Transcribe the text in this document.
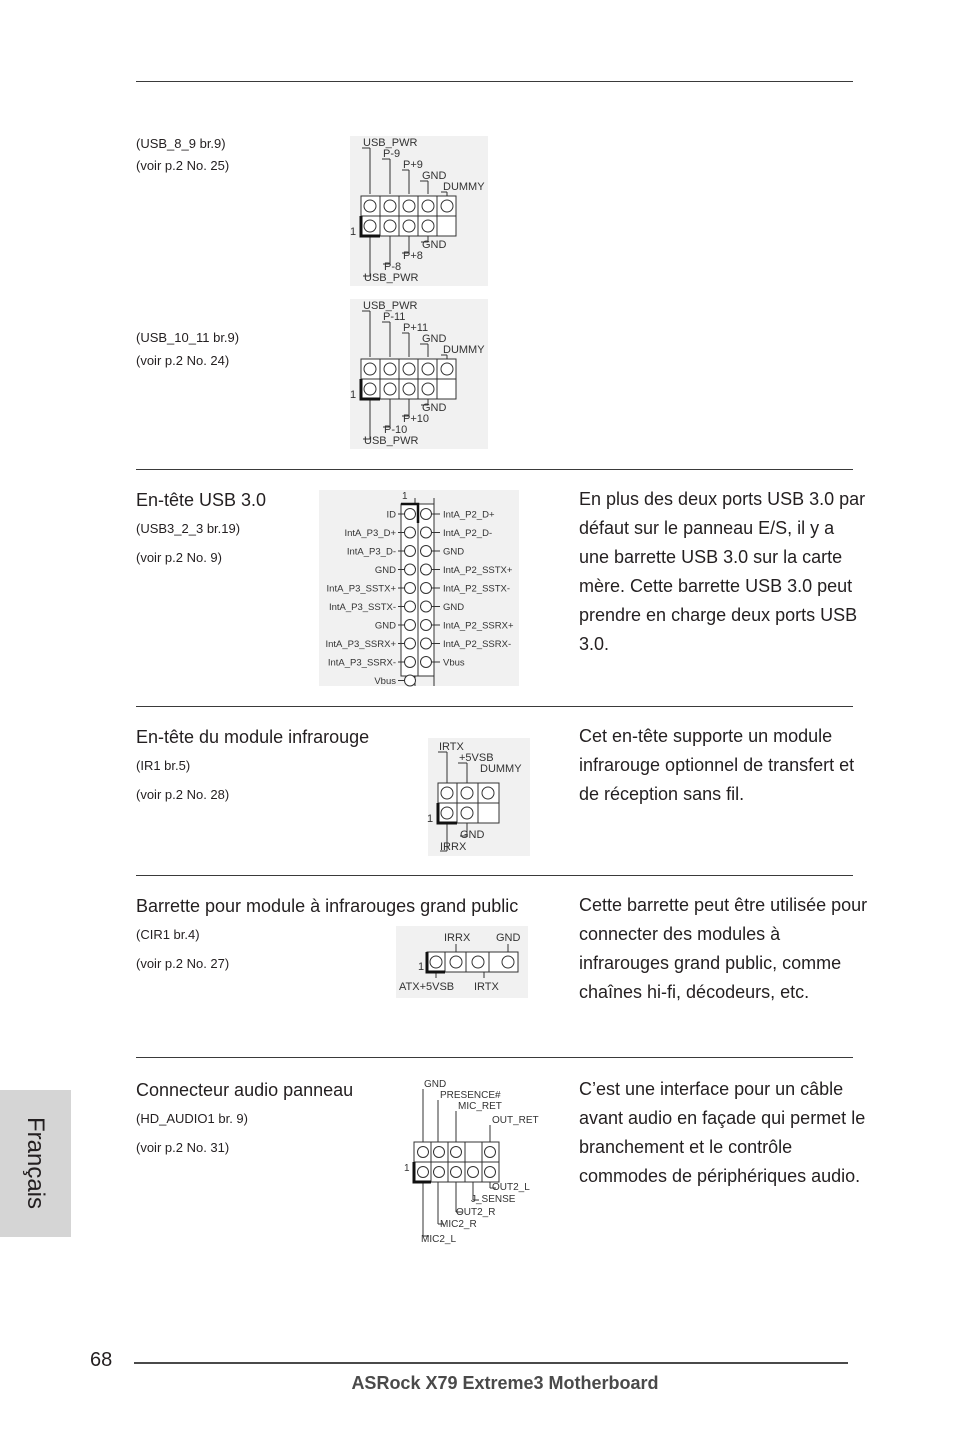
(USB_8_9 br.9)
(voir p.2 No. 25)
USB_PWR
P-9
P+9
GND
DUMMY
1
GND
P+8
P-8
USB_PWR
(USB_10_11 br.9)
(voir p.2 No. 24)
USB_PWR
P-11
P+11
GND
DUMMY
1
GND
P+10
P-10
USB_PWR
En-tête USB 3.0
(USB3_2_3 br.19)
(voir p.2 No. 9)
En plus des deux ports USB 3.0 par défaut sur le panneau E/S, il y a une barrette USB 3.0 sur la carte mère. Cette barrette USB 3.0 peut prendre en charge deux ports USB 3.0.
1
ID
IntA_P3_D+
IntA_P3_D-
GND
IntA_P3_SSTX+
IntA_P3_SSTX-
GND
IntA_P3_SSRX+
IntA_P3_SSRX-
Vbus
IntA_P2_D+
IntA_P2_D-
GND
IntA_P2_SSTX+
IntA_P2_SSTX-
GND
IntA_P2_SSRX+
IntA_P2_SSRX-
Vbus
En-tête du module infrarouge
(IR1 br.5)
(voir p.2 No. 28)
Cet en-tête supporte un module infrarouge optionnel de transfert et de réception sans fil.
IRTX
+5VSB
DUMMY
1
GND
IRRX
Barrette pour module à infrarouges grand public
(CIR1 br.4)
(voir p.2 No. 27)
Cette barrette peut être utilisée pour connecter des modules à infrarouges grand public, comme chaînes hi-fi, décodeurs, etc.
IRRX GND
1
ATX+5VSB IRTX
Connecteur audio panneau
(HD_AUDIO1 br. 9)
(voir p.2 No. 31)
C’est une interface pour un câble avant audio en façade qui permet le branchement et le contrôle commodes de périphériques audio.
GND
PRESENCE#
MIC_RET
OUT_RET
1
OUT2_L
J_SENSE
OUT2_R
MIC2_R
MIC2_L
Français
68
ASRock X79 Extreme3 Motherboard
